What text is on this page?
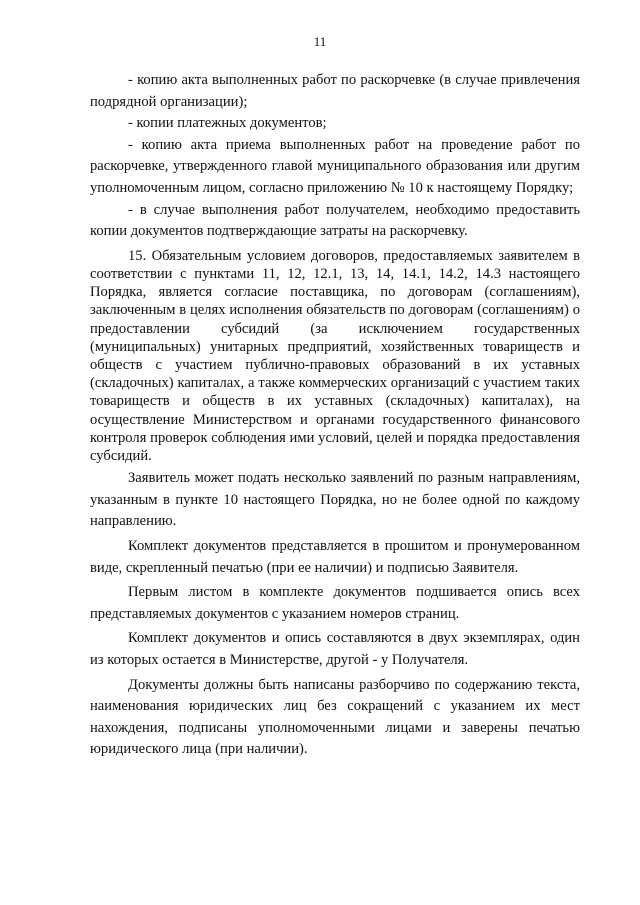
11

- копию акта выполненных работ по раскорчевке (в случае привлечения подрядной организации);

- копии платежных документов;

- копию акта приема выполненных работ на проведение работ по раскорчевке, утвержденного главой муниципального образования или другим уполномоченным лицом, согласно приложению № 10 к настоящему Порядку;

- в случае выполнения работ получателем, необходимо предоставить копии документов подтверждающие затраты на раскорчевку.

15. Обязательным условием договоров, предоставляемых заявителем в соответствии с пунктами 11, 12, 12.1, 13, 14, 14.1, 14.2, 14.3 настоящего Порядка, является согласие поставщика, по договорам (соглашениям), заключенным в целях исполнения обязательств по договорам (соглашениям) о предоставлении субсидий (за исключением государственных (муниципальных) унитарных предприятий, хозяйственных товариществ и обществ с участием публично-правовых образований в их уставных (складочных) капиталах, а также коммерческих организаций с участием таких товариществ и обществ в их уставных (складочных) капиталах), на осуществление Министерством и органами государственного финансового контроля проверок соблюдения ими условий, целей и порядка предоставления субсидий.

Заявитель может подать несколько заявлений по разным направлениям, указанным в пункте 10 настоящего Порядка, но не более одной по каждому направлению.

Комплект документов представляется в прошитом и пронумерованном виде, скрепленный печатью (при ее наличии) и подписью Заявителя.

Первым листом в комплекте документов подшивается опись всех представляемых документов с указанием номеров страниц.

Комплект документов и опись составляются в двух экземплярах, один из которых остается в Министерстве, другой - у Получателя.

Документы должны быть написаны разборчиво по содержанию текста, наименования юридических лиц без сокращений с указанием их мест нахождения, подписаны уполномоченными лицами и заверены печатью юридического лица (при наличии).
